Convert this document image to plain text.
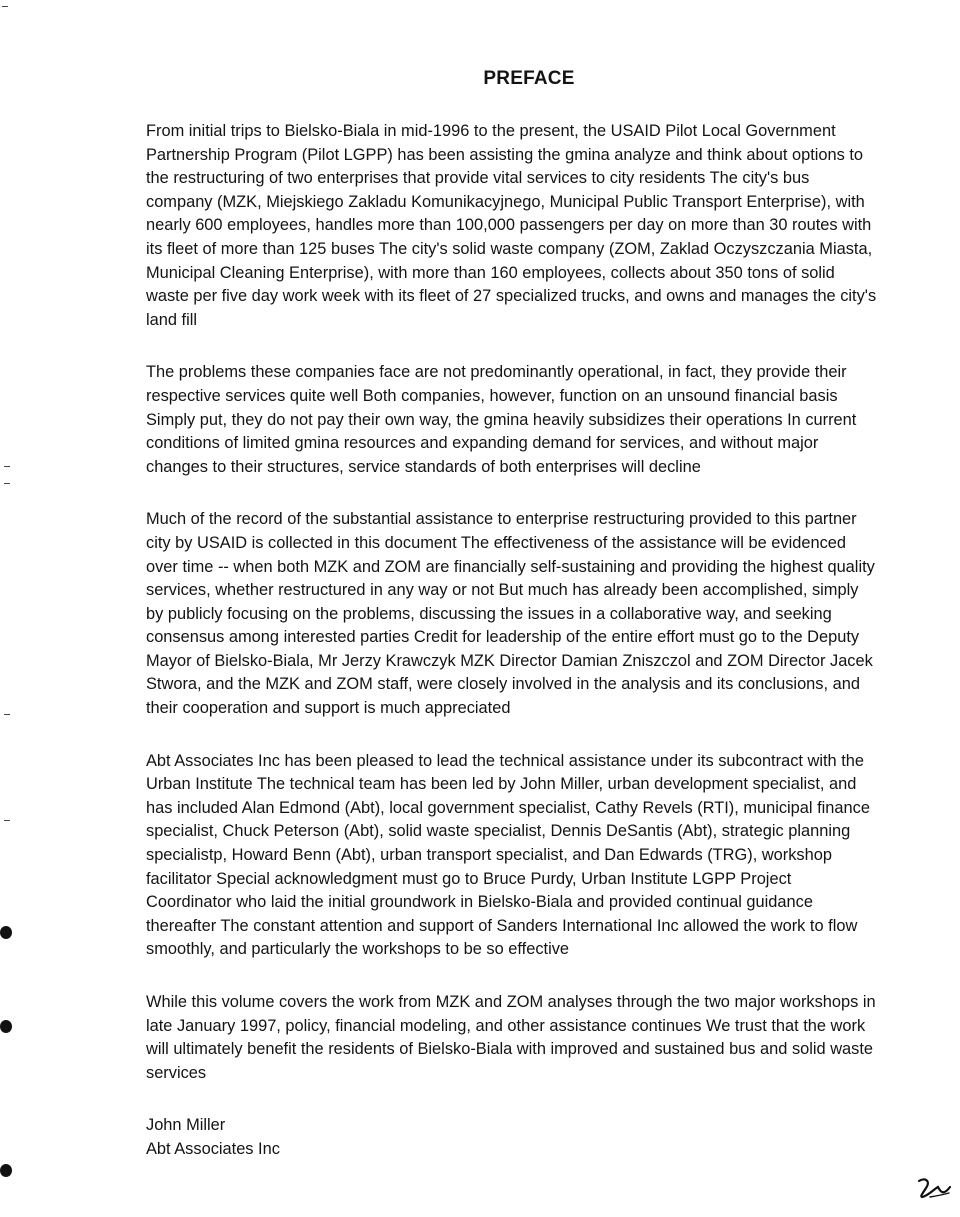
PREFACE

From initial trips to Bielsko-Biala in mid-1996 to the present, the USAID Pilot Local Government Partnership Program (Pilot LGPP) has been assisting the gmina analyze and think about options to the restructuring of two enterprises that provide vital services to city residents The city's bus company (MZK, Miejskiego Zakladu Komunikacyjnego, Municipal Public Transport Enterprise), with nearly 600 employees, handles more than 100,000 passengers per day on more than 30 routes with its fleet of more than 125 buses The city's solid waste company (ZOM, Zaklad Oczyszczania Miasta, Municipal Cleaning Enterprise), with more than 160 employees, collects about 350 tons of solid waste per five day work week with its fleet of 27 specialized trucks, and owns and manages the city's land fill

The problems these companies face are not predominantly operational, in fact, they provide their respective services quite well Both companies, however, function on an unsound financial basis Simply put, they do not pay their own way, the gmina heavily subsidizes their operations In current conditions of limited gmina resources and expanding demand for services, and without major changes to their structures, service standards of both enterprises will decline

Much of the record of the substantial assistance to enterprise restructuring provided to this partner city by USAID is collected in this document The effectiveness of the assistance will be evidenced over time -- when both MZK and ZOM are financially self-sustaining and providing the highest quality services, whether restructured in any way or not But much has already been accomplished, simply by publicly focusing on the problems, discussing the issues in a collaborative way, and seeking consensus among interested parties Credit for leadership of the entire effort must go to the Deputy Mayor of Bielsko-Biala, Mr Jerzy Krawczyk MZK Director Damian Zniszczol and ZOM Director Jacek Stwora, and the MZK and ZOM staff, were closely involved in the analysis and its conclusions, and their cooperation and support is much appreciated

Abt Associates Inc has been pleased to lead the technical assistance under its subcontract with the Urban Institute The technical team has been led by John Miller, urban development specialist, and has included Alan Edmond (Abt), local government specialist, Cathy Revels (RTI), municipal finance specialist, Chuck Peterson (Abt), solid waste specialist, Dennis DeSantis (Abt), strategic planning specialistp, Howard Benn (Abt), urban transport specialist, and Dan Edwards (TRG), workshop facilitator Special acknowledgment must go to Bruce Purdy, Urban Institute LGPP Project Coordinator who laid the initial groundwork in Bielsko-Biala and provided continual guidance thereafter The constant attention and support of Sanders International Inc allowed the work to flow smoothly, and particularly the workshops to be so effective

While this volume covers the work from MZK and ZOM analyses through the two major workshops in late January 1997, policy, financial modeling, and other assistance continues We trust that the work will ultimately benefit the residents of Bielsko-Biala with improved and sustained bus and solid waste services

John Miller

Abt Associates Inc
